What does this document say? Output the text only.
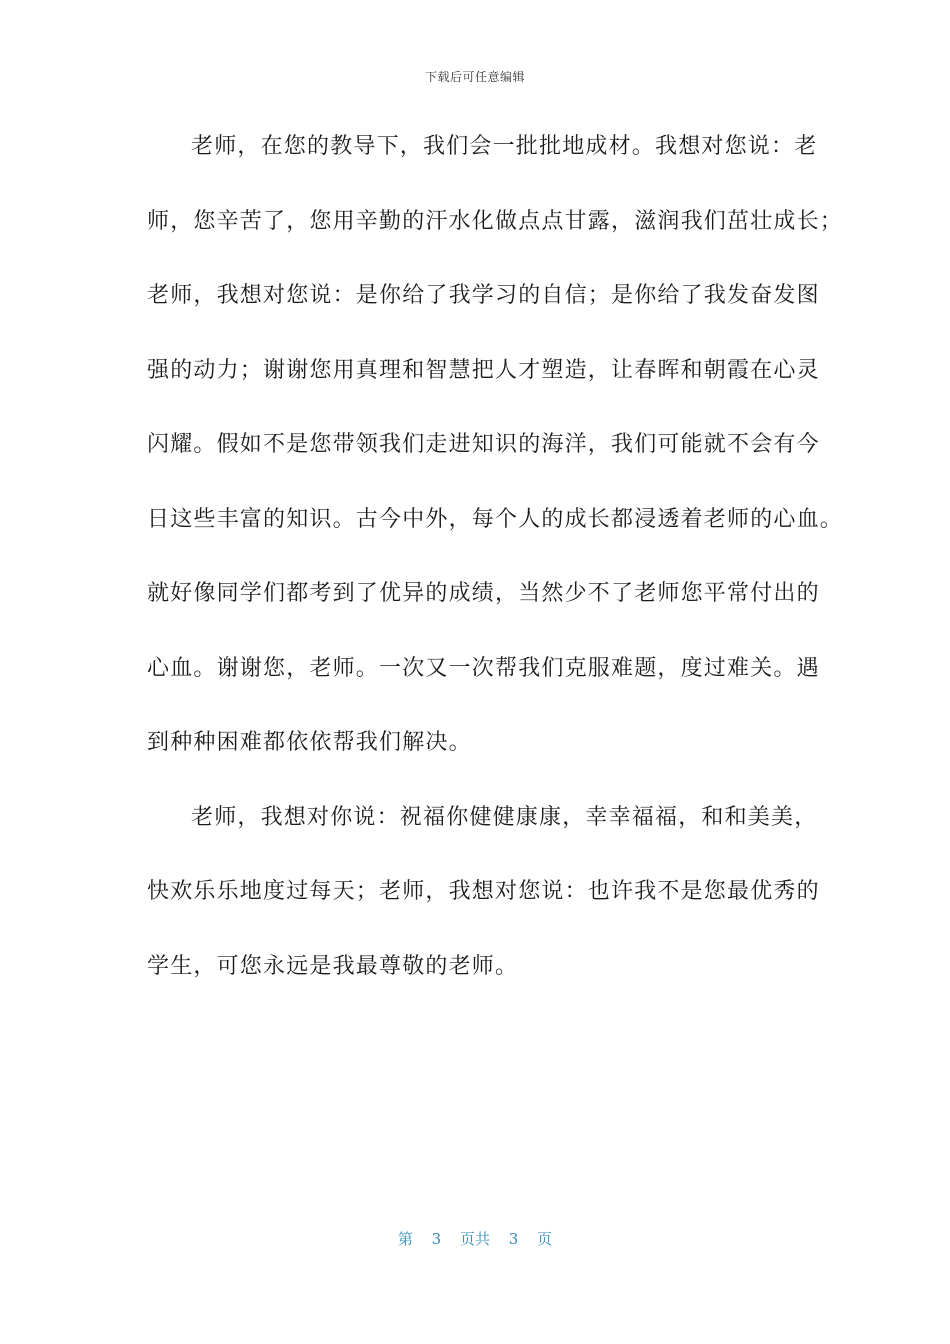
下载后可任意编辑
老师，在您的教导下，我们会一批批地成材。我想对您说：老
师，您辛苦了，您用辛勤的汗水化做点点甘露，滋润我们茁壮成长；
老师，我想对您说：是你给了我学习的自信；是你给了我发奋发图
强的动力；谢谢您用真理和智慧把人才塑造，让春晖和朝霞在心灵
闪耀。假如不是您带领我们走进知识的海洋，我们可能就不会有今
日这些丰富的知识。古今中外，每个人的成长都浸透着老师的心血。
就好像同学们都考到了优异的成绩，当然少不了老师您平常付出的
心血。谢谢您，老师。一次又一次帮我们克服难题，度过难关。遇
到种种困难都依依帮我们解决。
老师，我想对你说：祝福你健健康康，幸幸福福，和和美美，
快欢乐乐地度过每天；老师，我想对您说：也许我不是您最优秀的
学生，可您永远是我最尊敬的老师。
第 3 页共 3 页
